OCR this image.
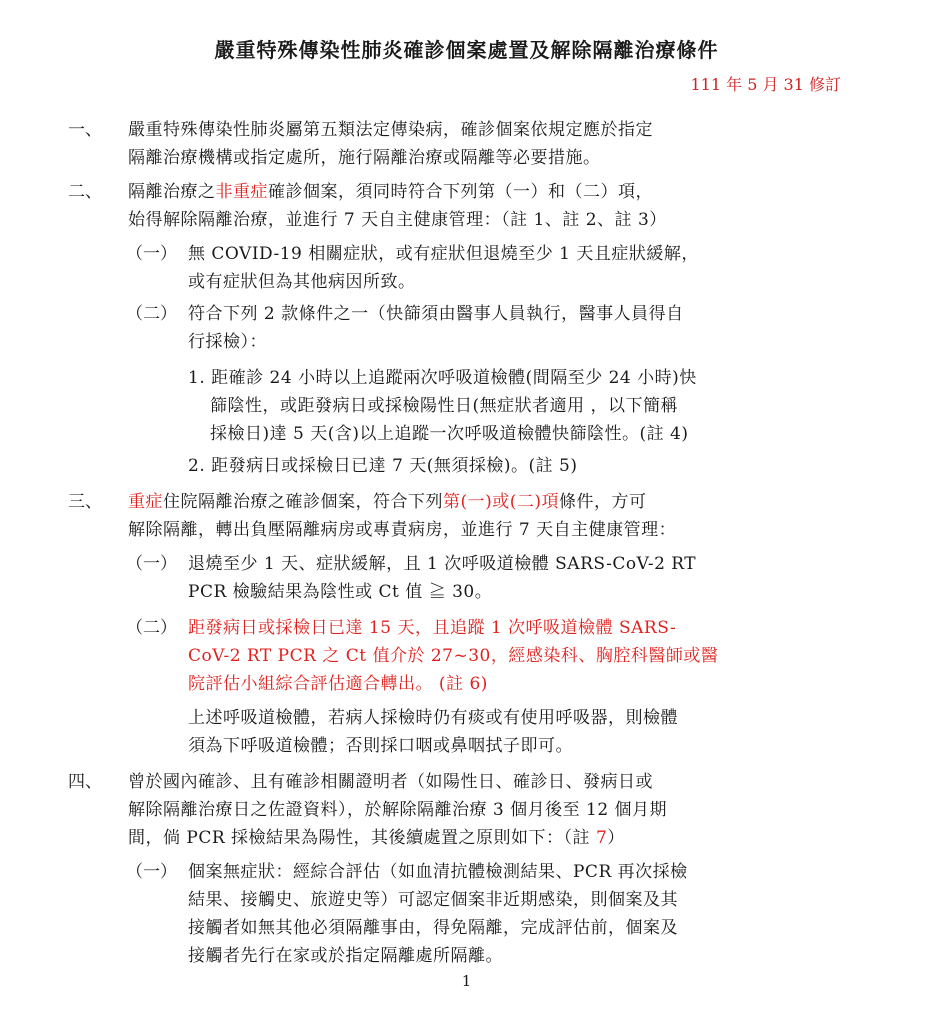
嚴重特殊傳染性肺炎確診個案處置及解除隔離治療條件
111 年 5 月 31 修訂
一、 嚴重特殊傳染性肺炎屬第五類法定傳染病，確診個案依規定應於指定
隔離治療機構或指定處所，施行隔離治療或隔離等必要措施。
二、 隔離治療之非重症確診個案，須同時符合下列第（一）和（二）項，
始得解除隔離治療，並進行 7 天自主健康管理：（註 1、註 2、註 3）
（一） 無 COVID-19 相關症狀，或有症狀但退燒至少 1 天且症狀緩解，
或有症狀但為其他病因所致。
（二） 符合下列 2 款條件之一（快篩須由醫事人員執行，醫事人員得自
行採檢）：
1. 距確診 24 小時以上追蹤兩次呼吸道檢體(間隔至少 24 小時)快
篩陰性，或距發病日或採檢陽性日(無症狀者適用 ，以下簡稱
採檢日)達 5 天(含)以上追蹤一次呼吸道檢體快篩陰性。(註 4)
2. 距發病日或採檢日已達 7 天(無須採檢)。(註 5)
三、 重症住院隔離治療之確診個案，符合下列第(一)或(二)項條件，方可
解除隔離，轉出負壓隔離病房或專責病房，並進行 7 天自主健康管理：
（一） 退燒至少 1 天、症狀緩解，且 1 次呼吸道檢體 SARS-CoV-2 RT
PCR 檢驗結果為陰性或 Ct 值 ≧ 30。
（二） 距發病日或採檢日已達 15 天，且追蹤 1 次呼吸道檢體 SARS-
CoV-2 RT PCR 之 Ct 值介於 27~30，經感染科、胸腔科醫師或醫
院評估小組綜合評估適合轉出。 (註 6)
上述呼吸道檢體，若病人採檢時仍有痰或有使用呼吸器，則檢體
須為下呼吸道檢體；否則採口咽或鼻咽拭子即可。
四、 曾於國內確診、且有確診相關證明者（如陽性日、確診日、發病日或
解除隔離治療日之佐證資料），於解除隔離治療 3 個月後至 12 個月期
間，倘 PCR 採檢結果為陽性，其後續處置之原則如下：（註 7）
（一） 個案無症狀：經綜合評估（如血清抗體檢測結果、PCR 再次採檢
結果、接觸史、旅遊史等）可認定個案非近期感染，則個案及其
接觸者如無其他必須隔離事由，得免隔離，完成評估前，個案及
接觸者先行在家或於指定隔離處所隔離。
1
